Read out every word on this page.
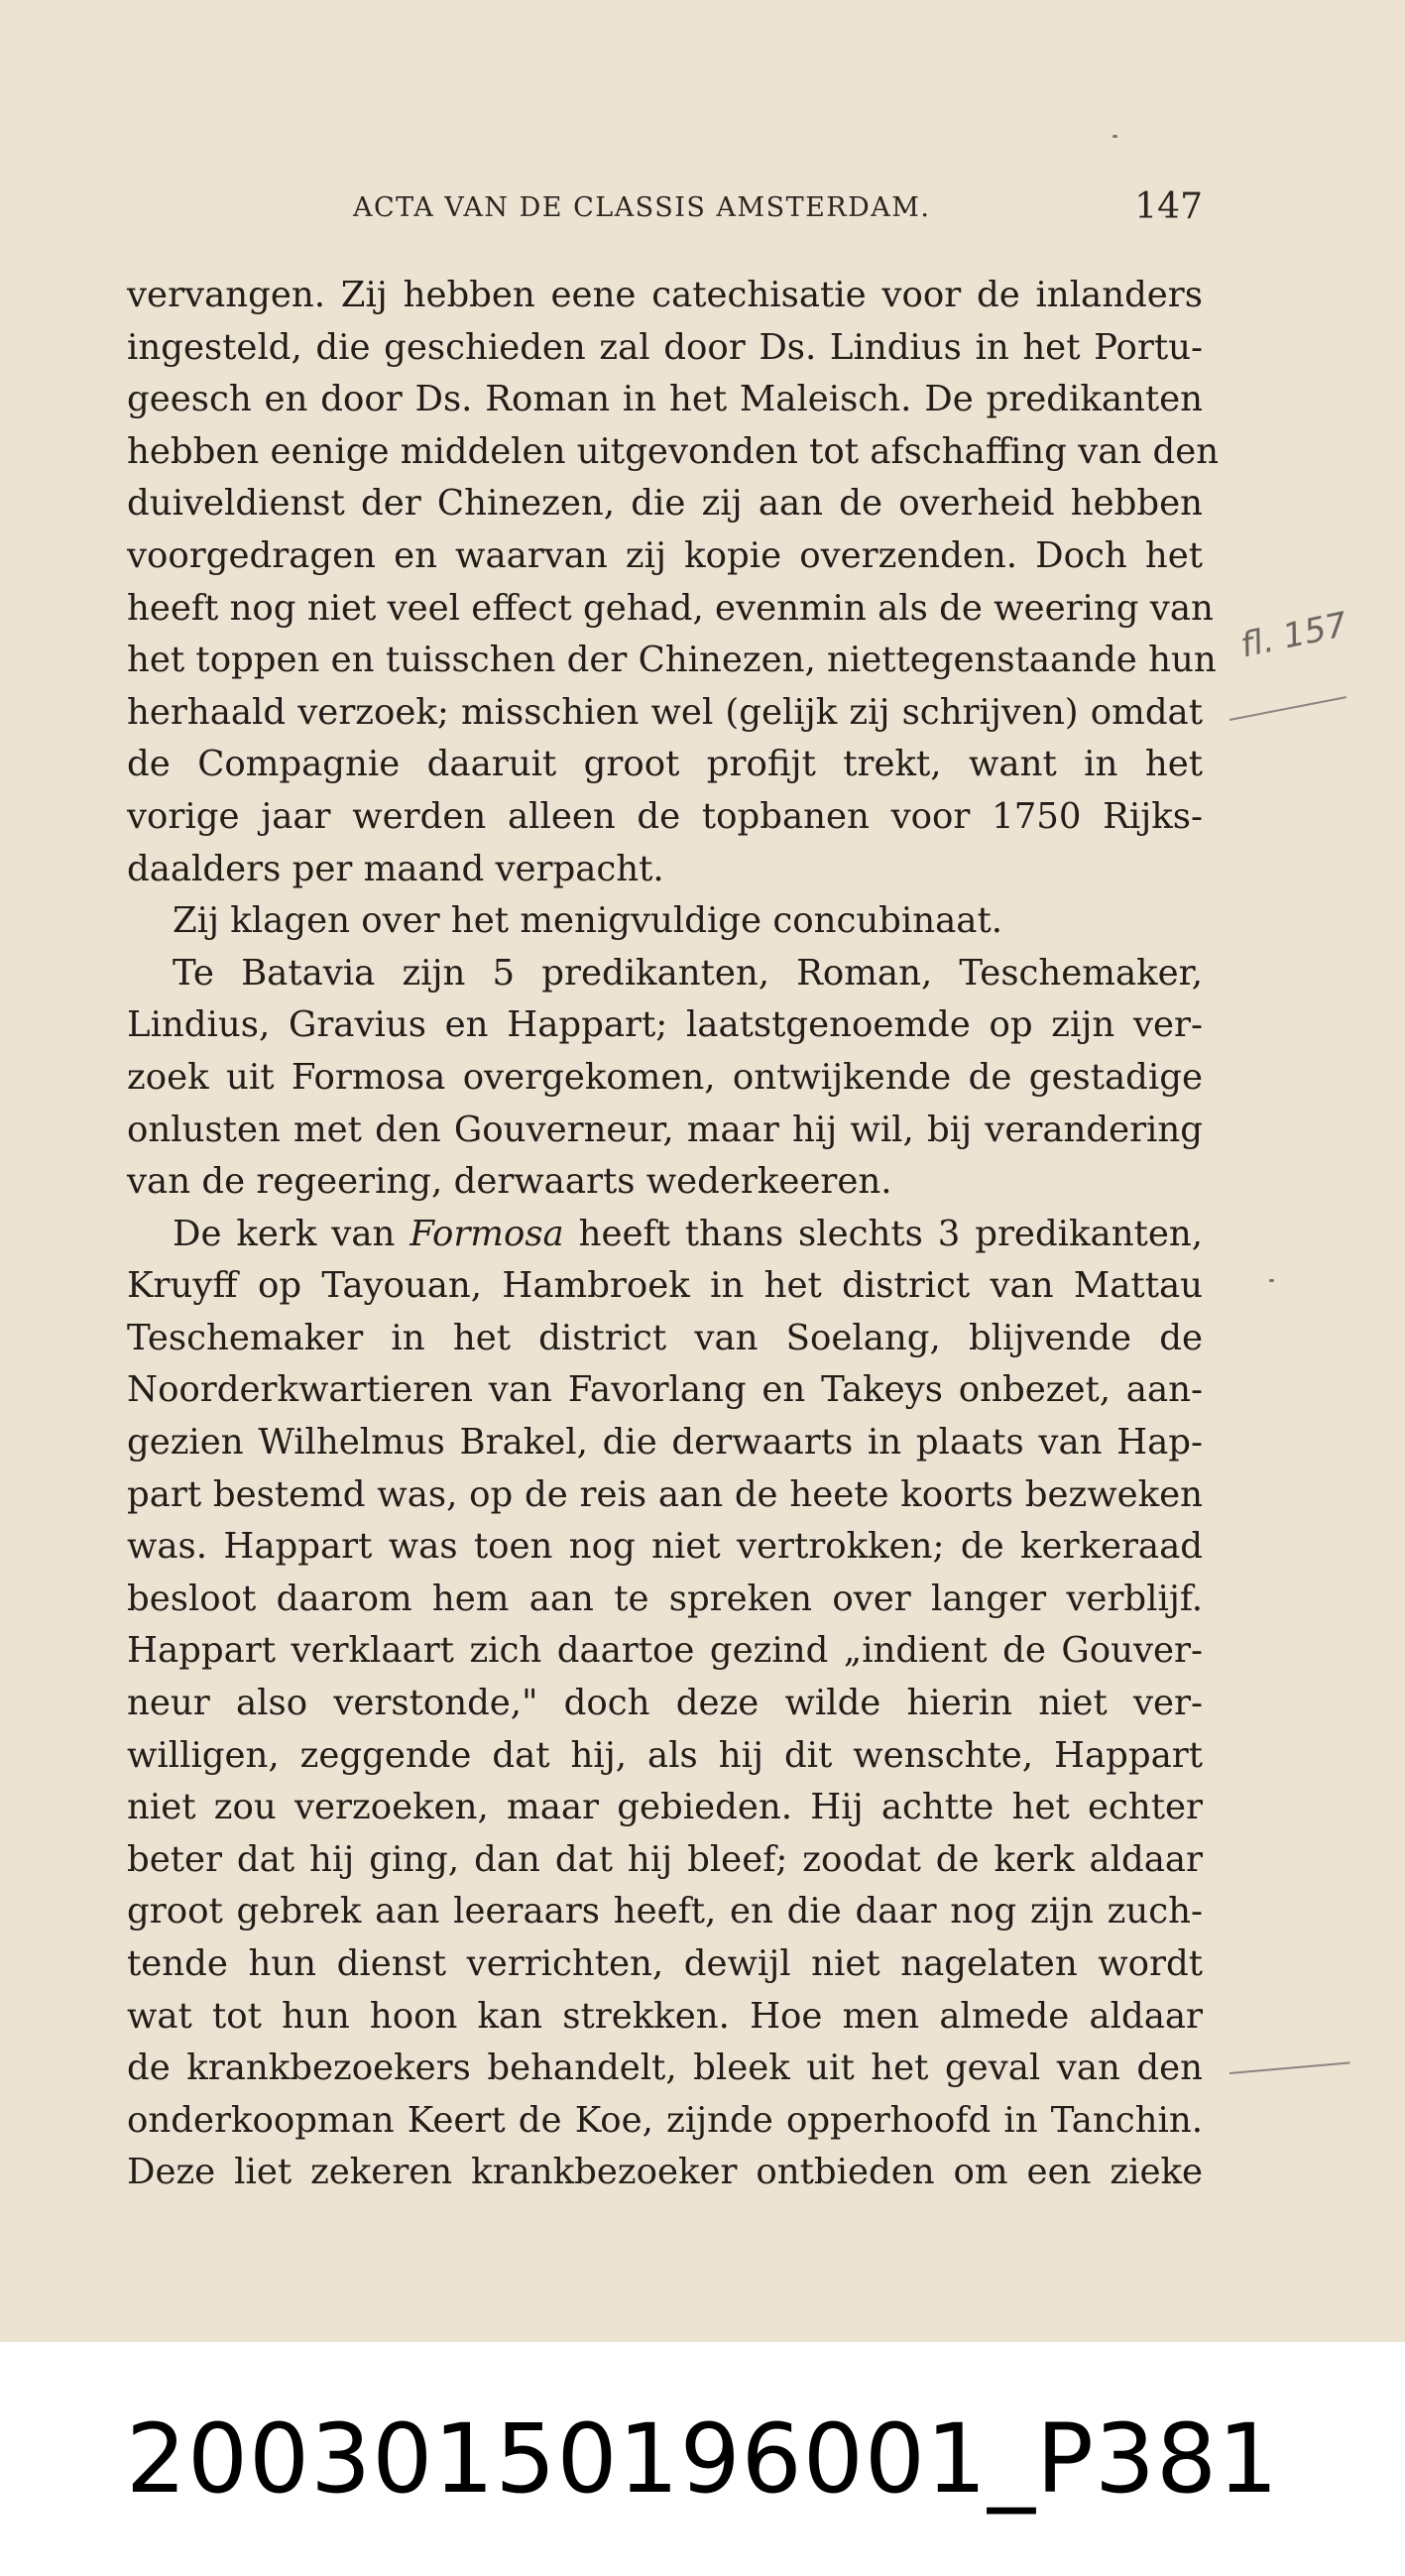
ACTA VAN DE CLASSIS AMSTERDAM.	147
vervangen. Zij hebben eene catechisatie voor de inlanders
ingesteld, die geschieden zal door Ds. Lindius in het Portu-
geesch en door Ds. Roman in het Maleisch. De predikanten
hebben eenige middelen uitgevonden tot afschaffing van den
duiveldienst der Chinezen, die zij aan de overheid hebben
voorgedragen en waarvan zij kopie overzenden. Doch het
heeft nog niet veel effect gehad, evenmin als de weering van
het toppen en tuisschen der Chinezen, niettegenstaande hun
herhaald verzoek; misschien wel (gelijk zij schrijven) omdat
de Compagnie daaruit groot profijt trekt, want in het
vorige jaar werden alleen de topbanen voor 1750 Rijks-
daalders per maand verpacht.
Zij klagen over het menigvuldige concubinaat.
Te Batavia zijn 5 predikanten, Roman, Teschemaker,
Lindius, Gravius en Happart; laatstgenoemde op zijn ver-
zoek uit Formosa overgekomen, ontwijkende de gestadige
onlusten met den Gouverneur, maar hij wil, bij verandering
van de regeering, derwaarts wederkeeren.
De kerk van Formosa heeft thans slechts 3 predikanten,
Kruyff op Tayouan, Hambroek in het district van Mattau
Teschemaker in het district van Soelang, blijvende de
Noorderkwartieren van Favorlang en Takeys onbezet, aan-
gezien Wilhelmus Brakel, die derwaarts in plaats van Hap-
part bestemd was, op de reis aan de heete koorts bezweken
was. Happart was toen nog niet vertrokken; de kerkeraad
besloot daarom hem aan te spreken over langer verblijf.
Happart verklaart zich daartoe gezind „indient de Gouver-
neur also verstonde," doch deze wilde hierin niet ver-
willigen, zeggende dat hij, als hij dit wenschte, Happart
niet zou verzoeken, maar gebieden. Hij achtte het echter
beter dat hij ging, dan dat hij bleef; zoodat de kerk aldaar
groot gebrek aan leeraars heeft, en die daar nog zijn zuch-
tende hun dienst verrichten, dewijl niet nagelaten wordt
wat tot hun hoon kan strekken. Hoe men almede aldaar
de krankbezoekers behandelt, bleek uit het geval van den
onderkoopman Keert de Koe, zijnde opperhoofd in Tanchin.
Deze liet zekeren krankbezoeker ontbieden om een zieke
fl. 157
20030150196001_P381
